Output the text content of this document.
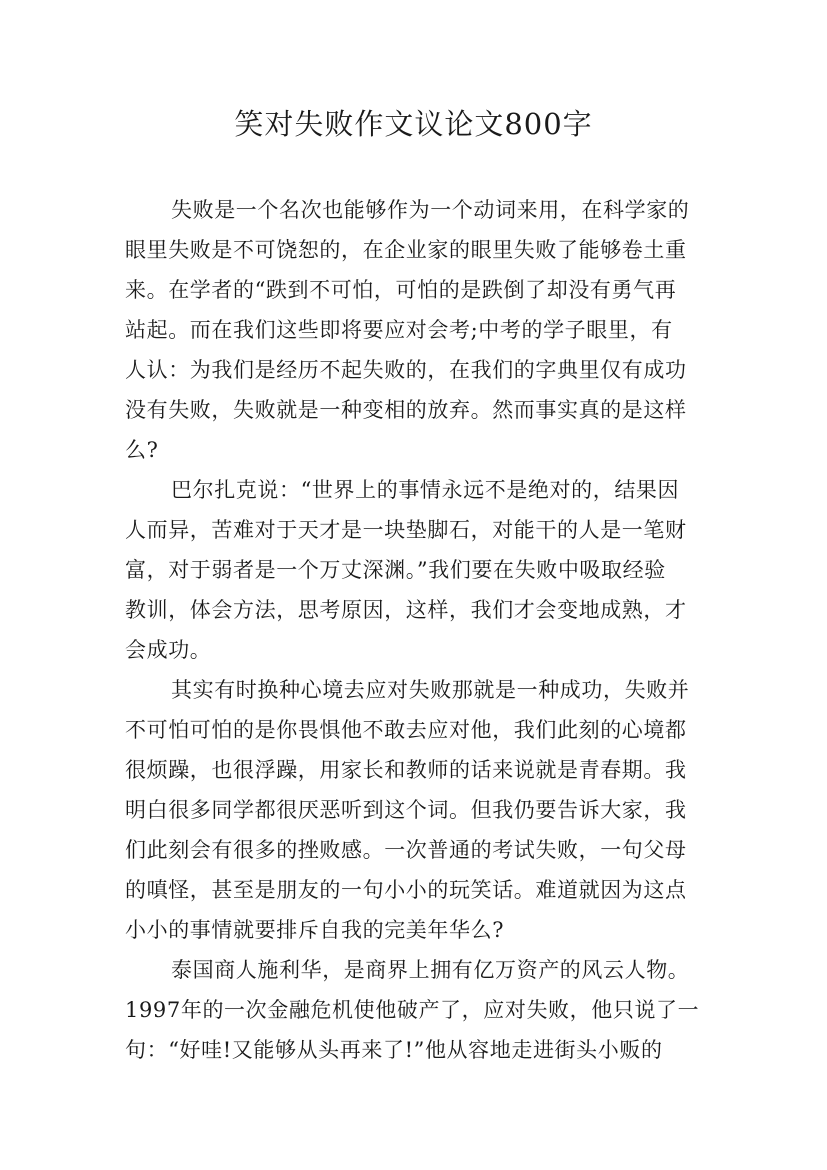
笑对失败作文议论文800字
失败是一个名次也能够作为一个动词来用，在科学家的
眼里失败是不可饶恕的，在企业家的眼里失败了能够卷土重
来。在学者的“跌到不可怕，可怕的是跌倒了却没有勇气再
站起。而在我们这些即将要应对会考;中考的学子眼里，有
人认：为我们是经历不起失败的，在我们的字典里仅有成功
没有失败，失败就是一种变相的放弃。然而事实真的是这样
么?
巴尔扎克说：“世界上的事情永远不是绝对的，结果因
人而异，苦难对于天才是一块垫脚石，对能干的人是一笔财
富，对于弱者是一个万丈深渊。”我们要在失败中吸取经验
教训，体会方法，思考原因，这样，我们才会变地成熟，才
会成功。
其实有时换种心境去应对失败那就是一种成功，失败并
不可怕可怕的是你畏惧他不敢去应对他，我们此刻的心境都
很烦躁，也很浮躁，用家长和教师的话来说就是青春期。我
明白很多同学都很厌恶听到这个词。但我仍要告诉大家，我
们此刻会有很多的挫败感。一次普通的考试失败，一句父母
的嗔怪，甚至是朋友的一句小小的玩笑话。难道就因为这点
小小的事情就要排斥自我的完美年华么?
泰国商人施利华，是商界上拥有亿万资产的风云人物。
1997年的一次金融危机使他破产了，应对失败，他只说了一
句：“好哇!又能够从头再来了!”他从容地走进街头小贩的
